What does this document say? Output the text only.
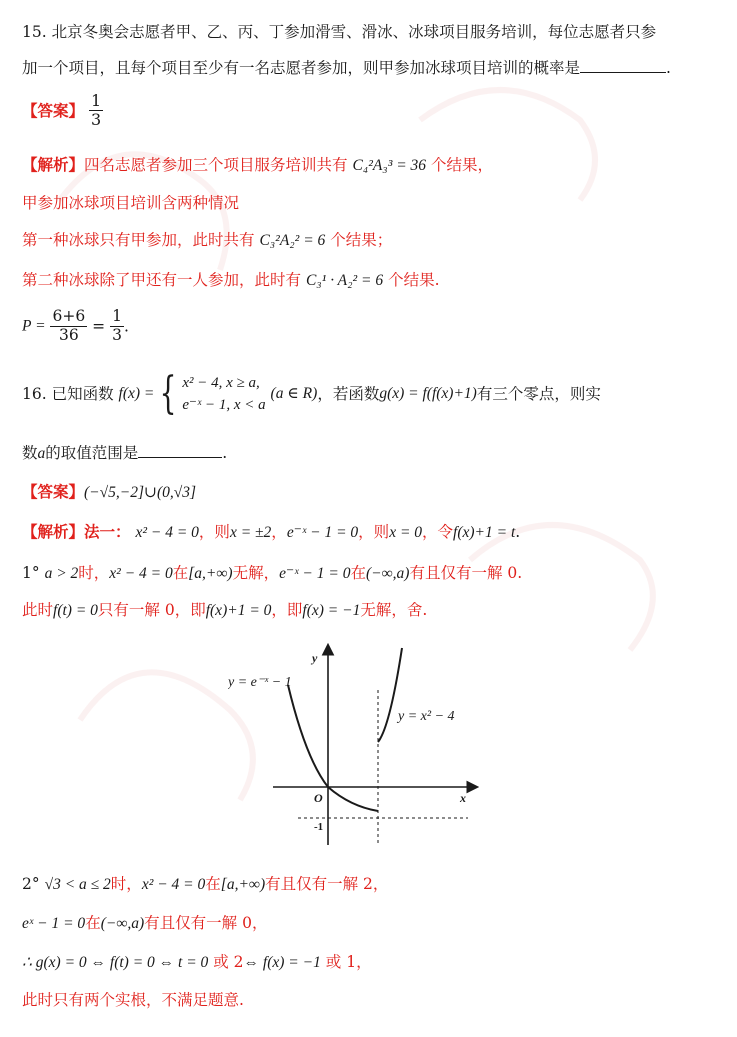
15. 北京冬奥会志愿者甲、乙、丙、丁参加滑雪、滑冰、冰球项目服务培训，每位志愿者只参
加一个项目，且每个项目至少有一名志愿者参加，则甲参加冰球项目培训的概率是	.
【答案】 $\frac{1}{3}$
【解析】四名志愿者参加三个项目服务培训共有 C₄²A₃³ = 36 个结果，
甲参加冰球项目培训含两种情况
第一种冰球只有甲参加，此时共有 C₃²A₂² = 6 个结果；
第二种冰球除了甲还有一人参加，此时有 C₃¹ · A₂² = 6 个结果.
$P = \frac{6+6}{36} = \frac{1}{3}$ .
16. 已知函数 f(x) = { x² − 4, x ≥ a,
e⁻ˣ − 1, x < a
(a ∈ R)，若函数g(x) = f(f(x)+1)有三个零点，则实
数a的取值范围是	.
【答案】(−√5,−2]∪(0,√3]
【解析】法一： x² − 4 = 0，则x = ±2，e⁻ˣ − 1 = 0，则x = 0，令f(x)+1 = t.
1° a > 2时，x² − 4 = 0在[a,+∞)无解，e⁻ˣ − 1 = 0在(−∞,a)有且仅有一解 0.
此时f(t) = 0只有一解 0，即f(x)+1 = 0，即f(x) = −1无解，舍.
y = e⁻ˣ − 1
y = x² − 4
y
x
O
-1
2° √3 < a ≤ 2时，x² − 4 = 0在[a,+∞)有且仅有一解 2，
eˣ − 1 = 0在(−∞,a)有且仅有一解 0，
∴ g(x) = 0 ⇔ f(t) = 0 ⇔ t = 0 或 2⇔ f(x) = −1 或 1，
此时只有两个实根，不满足题意.
